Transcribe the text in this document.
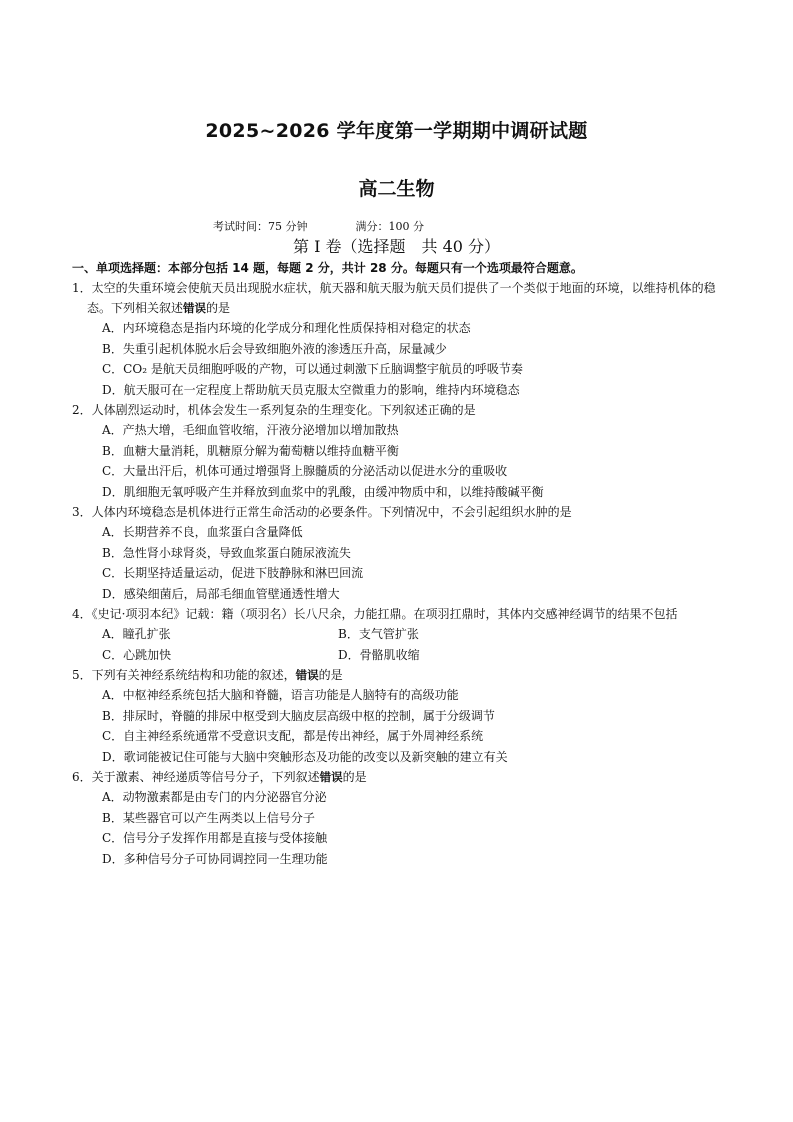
2025~2026 学年度第一学期期中调研试题
高二生物
考试时间：75 分钟	满分：100 分
第 I 卷（选择题　共 40 分）
一、单项选择题：本部分包括 14 题，每题 2 分，共计 28 分。每题只有一个选项最符合题意。
1．太空的失重环境会使航天员出现脱水症状，航天器和航天服为航天员们提供了一个类似于地面的环境，以维持机体的稳态。下列相关叙述错误的是
A．内环境稳态是指内环境的化学成分和理化性质保持相对稳定的状态
B．失重引起机体脱水后会导致细胞外液的渗透压升高，尿量减少
C．CO₂ 是航天员细胞呼吸的产物，可以通过刺激下丘脑调整宇航员的呼吸节奏
D．航天服可在一定程度上帮助航天员克服太空微重力的影响，维持内环境稳态
2．人体剧烈运动时，机体会发生一系列复杂的生理变化。下列叙述正确的是
A．产热大增，毛细血管收缩，汗液分泌增加以增加散热
B．血糖大量消耗，肌糖原分解为葡萄糖以维持血糖平衡
C．大量出汗后，机体可通过增强肾上腺髓质的分泌活动以促进水分的重吸收
D．肌细胞无氧呼吸产生并释放到血浆中的乳酸，由缓冲物质中和，以维持酸碱平衡
3．人体内环境稳态是机体进行正常生命活动的必要条件。下列情况中，不会引起组织水肿的是
A．长期营养不良，血浆蛋白含量降低
B．急性肾小球肾炎，导致血浆蛋白随尿液流失
C．长期坚持适量运动，促进下肢静脉和淋巴回流
D．感染细菌后，局部毛细血管壁通透性增大
4．《史记·项羽本纪》记载：籍（项羽名）长八尺余，力能扛鼎。在项羽扛鼎时，其体内交感神经调节的结果不包括
A．瞳孔扩张	B．支气管扩张
C．心跳加快	D．骨骼肌收缩
5．下列有关神经系统结构和功能的叙述，错误的是
A．中枢神经系统包括大脑和脊髓，语言功能是人脑特有的高级功能
B．排尿时，脊髓的排尿中枢受到大脑皮层高级中枢的控制，属于分级调节
C．自主神经系统通常不受意识支配，都是传出神经，属于外周神经系统
D．歌词能被记住可能与大脑中突触形态及功能的改变以及新突触的建立有关
6．关于激素、神经递质等信号分子，下列叙述错误的是
A．动物激素都是由专门的内分泌器官分泌
B．某些器官可以产生两类以上信号分子
C．信号分子发挥作用都是直接与受体接触
D．多种信号分子可协同调控同一生理功能
